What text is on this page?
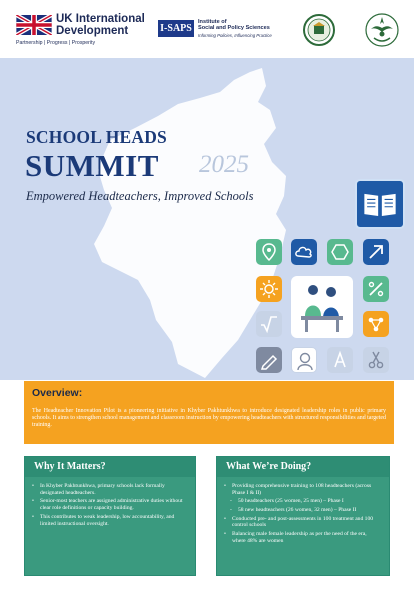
UK International
Development
Partnership | Progress | Prosperity
I-SAPS
Institute of
Social and Policy Sciences
Informing Policies, Influencing Practice
SCHOOL HEADS
SUMMIT 2025
Empowered Headteachers, Improved Schools
Overview:
The Headteacher Innovation Pilot is a pioneering initiative in Khyber Pakhtunkhwa to introduce designated leadership roles in public primary schools. It aims to strengthen school management and classroom instruction by empowering headteachers with structured responsibilities and targeted training.
Why It Matters?
• In Khyber Pakhtunkhwa, primary schools lack formally designated headteachers.
• Senior-most teachers are assigned administrative duties without clear role definitions or capacity building.
• This contributes to weak leadership, low accountability, and limited instructional oversight.
What We’re Doing?
• Providing comprehensive training to 108 headteachers (across Phase I & II)
- 50 headteachers (25 women, 25 men) – Phase I
- 58 new headteachers (26 women, 32 men) – Phase II
• Conducted pre- and post-assessments in 100 treatment and 100 control schools
• Balancing male female leadership as per the need of the era, where 48% are women
